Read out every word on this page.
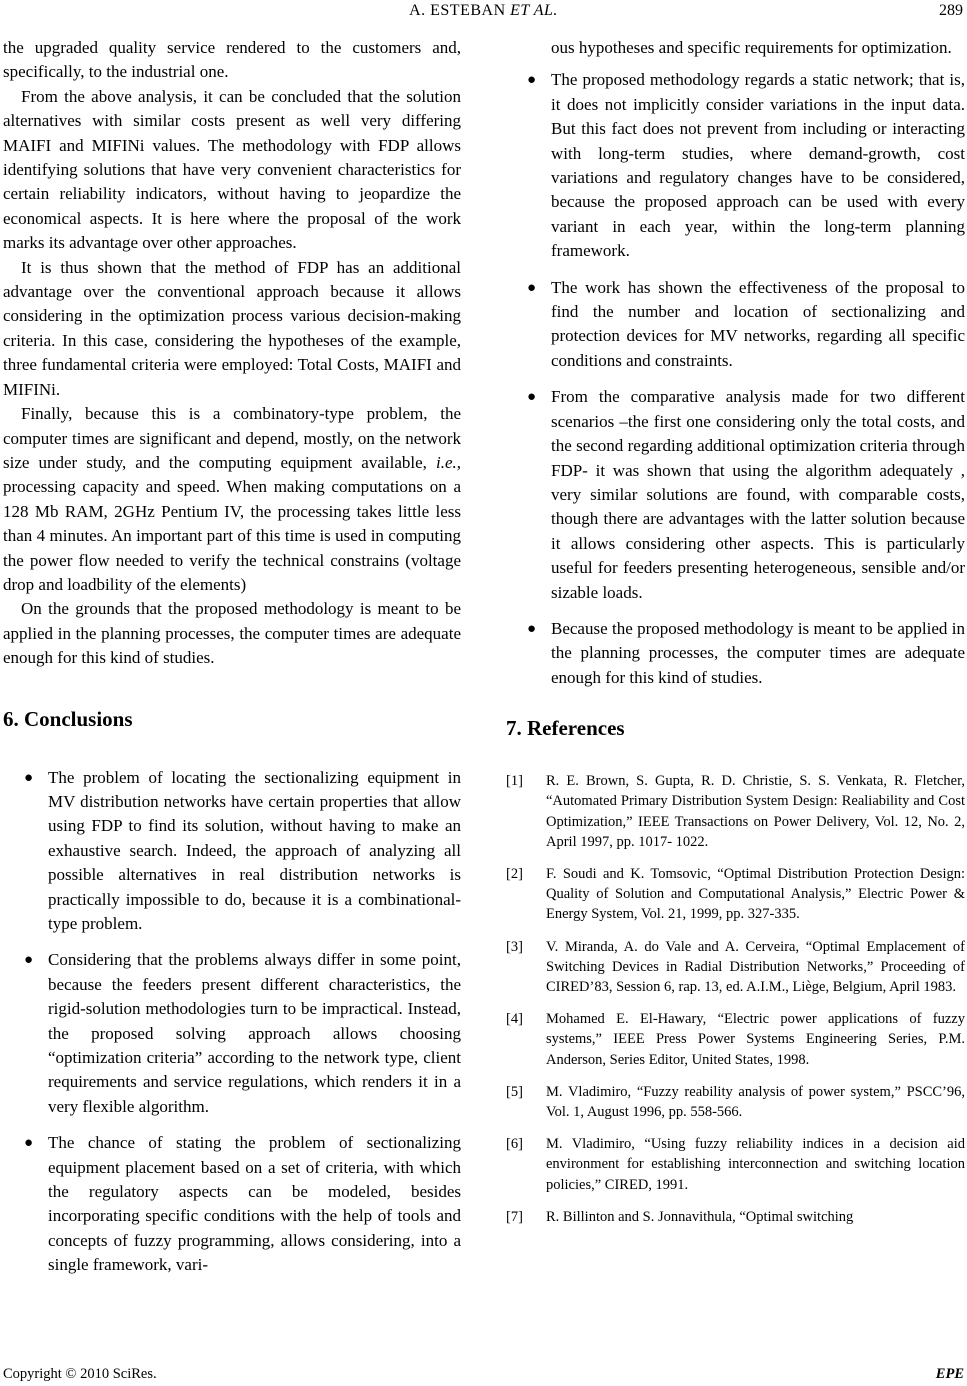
A. ESTEBAN ET AL.	289

the upgraded quality service rendered to the customers and, specifically, to the industrial one.

From the above analysis, it can be concluded that the solution alternatives with similar costs present as well very differing MAIFI and MIFINi values. The methodology with FDP allows identifying solutions that have very convenient characteristics for certain reliability indicators, without having to jeopardize the economical aspects. It is here where the proposal of the work marks its advantage over other approaches.

It is thus shown that the method of FDP has an additional advantage over the conventional approach because it allows considering in the optimization process various decision-making criteria. In this case, considering the hypotheses of the example, three fundamental criteria were employed: Total Costs, MAIFI and MIFINi.

Finally, because this is a combinatory-type problem, the computer times are significant and depend, mostly, on the network size under study, and the computing equipment available, i.e., processing capacity and speed. When making computations on a 128 Mb RAM, 2GHz Pentium IV, the processing takes little less than 4 minutes. An important part of this time is used in computing the power flow needed to verify the technical constrains (voltage drop and loadbility of the elements)

On the grounds that the proposed methodology is meant to be applied in the planning processes, the computer times are adequate enough for this kind of studies.

6. Conclusions
● The problem of locating the sectionalizing equipment in MV distribution networks have certain properties that allow using FDP to find its solution, without having to make an exhaustive search. Indeed, the approach of analyzing all possible alternatives in real distribution networks is practically impossible to do, because it is a combinational-type problem.
● Considering that the problems always differ in some point, because the feeders present different characteristics, the rigid-solution methodologies turn to be impractical. Instead, the proposed solving approach allows choosing “optimization criteria” according to the network type, client requirements and service regulations, which renders it in a very flexible algorithm.
● The chance of stating the problem of sectionalizing equipment placement based on a set of criteria, with which the regulatory aspects can be modeled, besides incorporating specific conditions with the help of tools and concepts of fuzzy programming, allows considering, into a single framework, vari-
ous hypotheses and specific requirements for optimization.
● The proposed methodology regards a static network; that is, it does not implicitly consider variations in the input data. But this fact does not prevent from including or interacting with long-term studies, where demand-growth, cost variations and regulatory changes have to be considered, because the proposed approach can be used with every variant in each year, within the long-term planning framework.
● The work has shown the effectiveness of the proposal to find the number and location of sectionalizing and protection devices for MV networks, regarding all specific conditions and constraints.
● From the comparative analysis made for two different scenarios –the first one considering only the total costs, and the second regarding additional optimization criteria through FDP- it was shown that using the algorithm adequately , very similar solutions are found, with comparable costs, though there are advantages with the latter solution because it allows considering other aspects. This is particularly useful for feeders presenting heterogeneous, sensible and/or sizable loads.
● Because the proposed methodology is meant to be applied in the planning processes, the computer times are adequate enough for this kind of studies.
7. References
[1] R. E. Brown, S. Gupta, R. D. Christie, S. S. Venkata, R. Fletcher, “Automated Primary Distribution System Design: Realiability and Cost Optimization,” IEEE Transactions on Power Delivery, Vol. 12, No. 2, April 1997, pp. 1017- 1022.
[2] F. Soudi and K. Tomsovic, “Optimal Distribution Protection Design: Quality of Solution and Computational Analysis,” Electric Power & Energy System, Vol. 21, 1999, pp. 327-335.
[3] V. Miranda, A. do Vale and A. Cerveira, “Optimal Emplacement of Switching Devices in Radial Distribution Networks,” Proceeding of CIRED’83, Session 6, rap. 13, ed. A.I.M., Liège, Belgium, April 1983.
[4] Mohamed E. El-Hawary, “Electric power applications of fuzzy systems,” IEEE Press Power Systems Engineering Series, P.M. Anderson, Series Editor, United States, 1998.
[5] M. Vladimiro, “Fuzzy reability analysis of power system,” PSCC’96, Vol. 1, August 1996, pp. 558-566.
[6] M. Vladimiro, “Using fuzzy reliability indices in a decision aid environment for establishing interconnection and switching location policies,” CIRED, 1991.
[7] R. Billinton and S. Jonnavithula, “Optimal switching
Copyright © 2010 SciRes.	EPE
